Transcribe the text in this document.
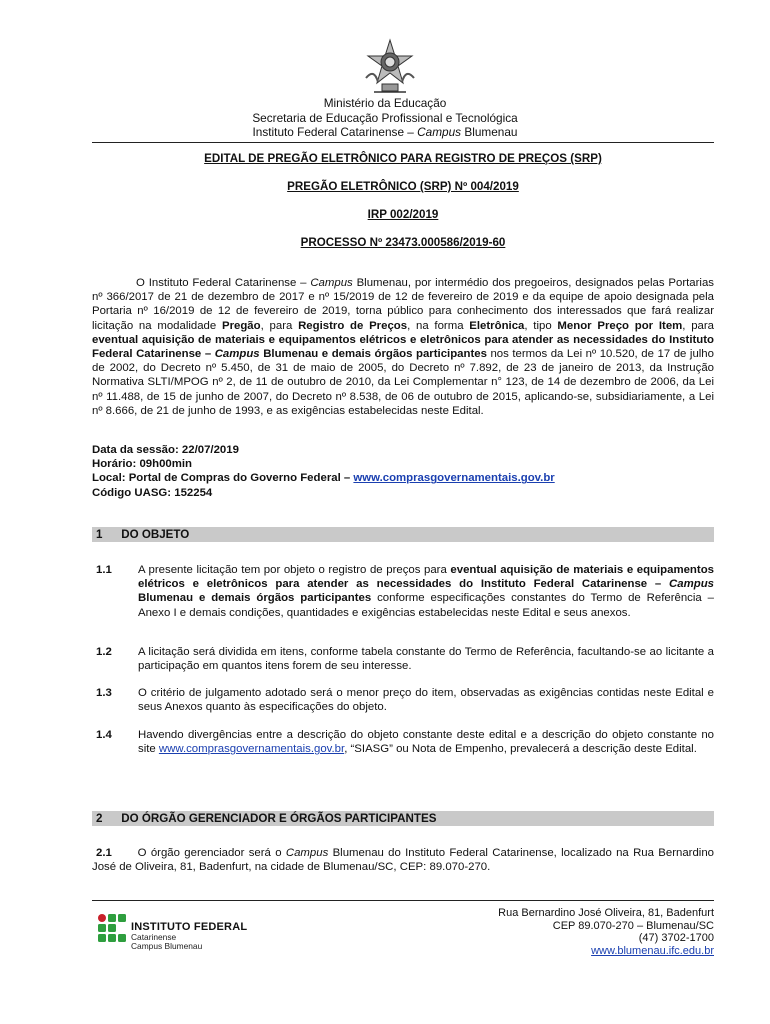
Ministério da Educação
Secretaria de Educação Profissional e Tecnológica
Instituto Federal Catarinense – Campus Blumenau
EDITAL DE PREGÃO ELETRÔNICO PARA REGISTRO DE PREÇOS (SRP)
PREGÃO ELETRÔNICO (SRP) Nº 004/2019
IRP 002/2019
PROCESSO Nº 23473.000586/2019-60

O Instituto Federal Catarinense – Campus Blumenau, por intermédio dos pregoeiros, designados pelas Portarias nº 366/2017 de 21 de dezembro de 2017 e nº 15/2019 de 12 de fevereiro de 2019 e da equipe de apoio designada pela Portaria nº 16/2019 de 12 de fevereiro de 2019, torna público para conhecimento dos interessados que fará realizar licitação na modalidade Pregão, para Registro de Preços, na forma Eletrônica, tipo Menor Preço por Item, para eventual aquisição de materiais e equipamentos elétricos e eletrônicos para atender as necessidades do Instituto Federal Catarinense – Campus Blumenau e demais órgãos participantes nos termos da Lei nº 10.520, de 17 de julho de 2002, do Decreto nº 5.450, de 31 de maio de 2005, do Decreto nº 7.892, de 23 de janeiro de 2013, da Instrução Normativa SLTI/MPOG nº 2, de 11 de outubro de 2010, da Lei Complementar n° 123, de 14 de dezembro de 2006, da Lei nº 11.488, de 15 de junho de 2007, do Decreto nº 8.538, de 06 de outubro de 2015, aplicando-se, subsidiariamente, a Lei nº 8.666, de 21 de junho de 1993, e as exigências estabelecidas neste Edital.

Data da sessão: 22/07/2019
Horário: 09h00min
Local: Portal de Compras do Governo Federal – www.comprasgovernamentais.gov.br
Código UASG: 152254
1 DO OBJETO
1.1 A presente licitação tem por objeto o registro de preços para eventual aquisição de materiais e equipamentos elétricos e eletrônicos para atender as necessidades do Instituto Federal Catarinense – Campus Blumenau e demais órgãos participantes conforme especificações constantes do Termo de Referência – Anexo I e demais condições, quantidades e exigências estabelecidas neste Edital e seus anexos.
1.2 A licitação será dividida em itens, conforme tabela constante do Termo de Referência, facultando-se ao licitante a participação em quantos itens forem de seu interesse.
1.3 O critério de julgamento adotado será o menor preço do item, observadas as exigências contidas neste Edital e seus Anexos quanto às especificações do objeto.
1.4 Havendo divergências entre a descrição do objeto constante deste edital e a descrição do objeto constante no site www.comprasgovernamentais.gov.br, “SIASG” ou Nota de Empenho, prevalecerá a descrição deste Edital.
2 DO ÓRGÃO GERENCIADOR E ÓRGÃOS PARTICIPANTES
2.1 O órgão gerenciador será o Campus Blumenau do Instituto Federal Catarinense, localizado na Rua Bernardino José de Oliveira, 81, Badenfurt, na cidade de Blumenau/SC, CEP: 89.070-270.
INSTITUTO FEDERAL
Catarinense
Campus Blumenau
Rua Bernardino José Oliveira, 81, Badenfurt
CEP 89.070-270 – Blumenau/SC
(47) 3702-1700
www.blumenau.ifc.edu.br
